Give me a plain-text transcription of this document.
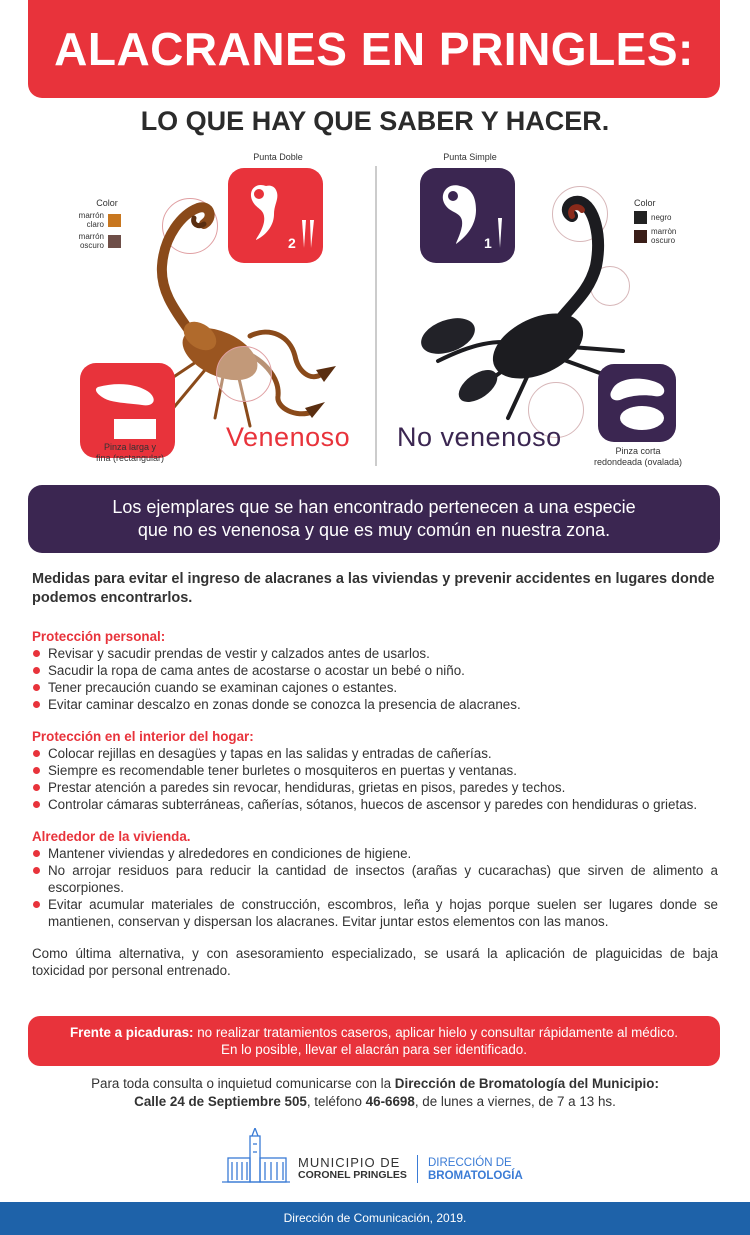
ALACRANES EN PRINGLES:
LO QUE HAY QUE SABER Y HACER.
Punta Doble
2
Color
marrón
claro
marrón
oscuro
Pinza larga y
fina (rectangular)
Venenoso
Punta Simple
1
Color
negro
marròn
oscuro
No venenoso	Pinza corta
redondeada (ovalada)
Los ejemplares que se han encontrado pertenecen a una especie
que no es venenosa y que es muy común en nuestra zona.

Medidas para evitar el ingreso de alacranes a las viviendas y prevenir accidentes en lugares donde podemos encontrarlos.

Protección personal:
Revisar y sacudir prendas de vestir y calzados antes de usarlos.
Sacudir la ropa de cama antes de acostarse o acostar un bebé o niño.
Tener precaución cuando se examinan cajones o estantes.
Evitar caminar descalzo en zonas donde se conozca la presencia de alacranes.
Protección en el interior del hogar:
Colocar rejillas en desagües y tapas en las salidas y entradas de cañerías.
Siempre es recomendable tener burletes o mosquiteros en puertas y ventanas.
Prestar atención a paredes sin revocar, hendiduras, grietas en pisos, paredes y techos.
Controlar cámaras subterráneas, cañerías, sótanos, huecos de ascensor y paredes con hendiduras o grietas.
Alrededor de la vivienda.
Mantener viviendas y alrededores en condiciones de higiene.
No arrojar residuos para reducir la cantidad de insectos (arañas y cucarachas) que sirven de alimento a escorpiones.
Evitar acumular materiales de construcción, escombros, leña y hojas porque suelen ser lugares donde se mantienen, conservan y dispersan los alacranes. Evitar juntar estos elementos con las manos.

Como última alternativa, y con asesoramiento especializado, se usará la aplicación de plaguicidas de baja toxicidad por personal entrenado.

Frente a picaduras: no realizar tratamientos caseros, aplicar hielo y consultar rápidamente al médico.
En lo posible, llevar el alacrán para ser identificado.
Para toda consulta o inquietud comunicarse con la Dirección de Bromatología del Municipio:
Calle 24 de Septiembre 505, teléfono 46-6698, de lunes a viernes, de 7 a 13 hs.
MUNICIPIO DE
CORONEL PRINGLES
DIRECCIÓN DE
BROMATOLOGÍA
Dirección de Comunicación, 2019.
